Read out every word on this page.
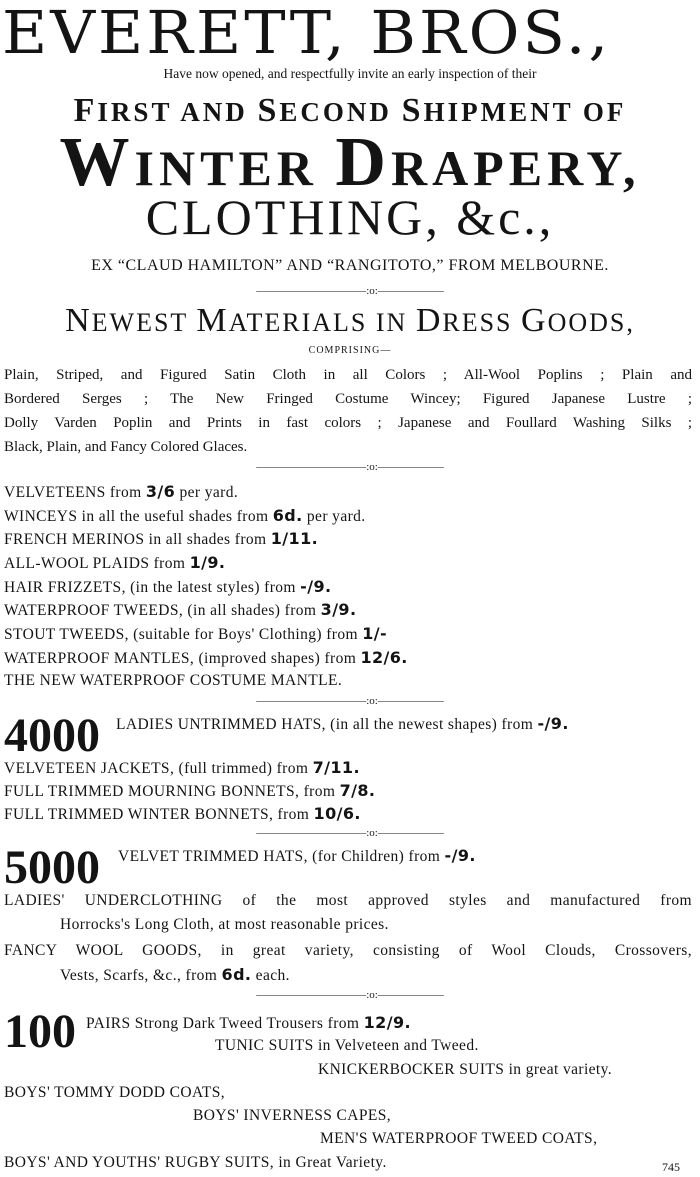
EVERETT, BROS.,
Have now opened, and respectfully invite an early inspection of their
FIRST AND SECOND SHIPMENT OF
WINTER DRAPERY,
CLOTHING, &c.,
EX “CLAUD HAMILTON” AND “RANGITOTO,” FROM MELBOURNE.
——————————:o:——————
NEWEST MATERIALS IN DRESS GOODS,
COMPRISING—
Plain, Striped, and Figured Satin Cloth in all Colors ; All-Wool Poplins ; Plain and
Bordered Serges ; The New Fringed Costume Wincey; Figured Japanese Lustre ;
Dolly Varden Poplin and Prints in fast colors ; Japanese and Foullard Washing Silks ;
Black, Plain, and Fancy Colored Glaces.
——————————:o:——————
VELVETEENS from 3/6 per yard.
WINCEYS in all the useful shades from 6d. per yard.
FRENCH MERINOS in all shades from 1/11.
ALL-WOOL PLAIDS from 1/9.
HAIR FRIZZETS, (in the latest styles) from -/9.
WATERPROOF TWEEDS, (in all shades) from 3/9.
STOUT TWEEDS, (suitable for Boys' Clothing) from 1/-
WATERPROOF MANTLES, (improved shapes) from 12/6.
THE NEW WATERPROOF COSTUME MANTLE.
——————————:o:——————
4000 LADIES UNTRIMMED HATS, (in all the newest shapes) from -/9.
VELVETEEN JACKETS, (full trimmed) from 7/11.
FULL TRIMMED MOURNING BONNETS, from 7/8.
FULL TRIMMED WINTER BONNETS, from 10/6.
——————————:o:——————
5000 VELVET TRIMMED HATS, (for Children) from -/9.
LADIES' UNDERCLOTHING of the most approved styles and manufactured from
Horrocks's Long Cloth, at most reasonable prices.
FANCY WOOL GOODS, in great variety, consisting of Wool Clouds, Crossovers,
Vests, Scarfs, &c., from 6d. each.
——————————:o:——————
100 PAIRS Strong Dark Tweed Trousers from 12/9.
TUNIC SUITS in Velveteen and Tweed.
KNICKERBOCKER SUITS in great variety.
BOYS' TOMMY DODD COATS,
BOYS' INVERNESS CAPES,
MEN'S WATERPROOF TWEED COATS,
BOYS' AND YOUTHS' RUGBY SUITS, in Great Variety.	745
